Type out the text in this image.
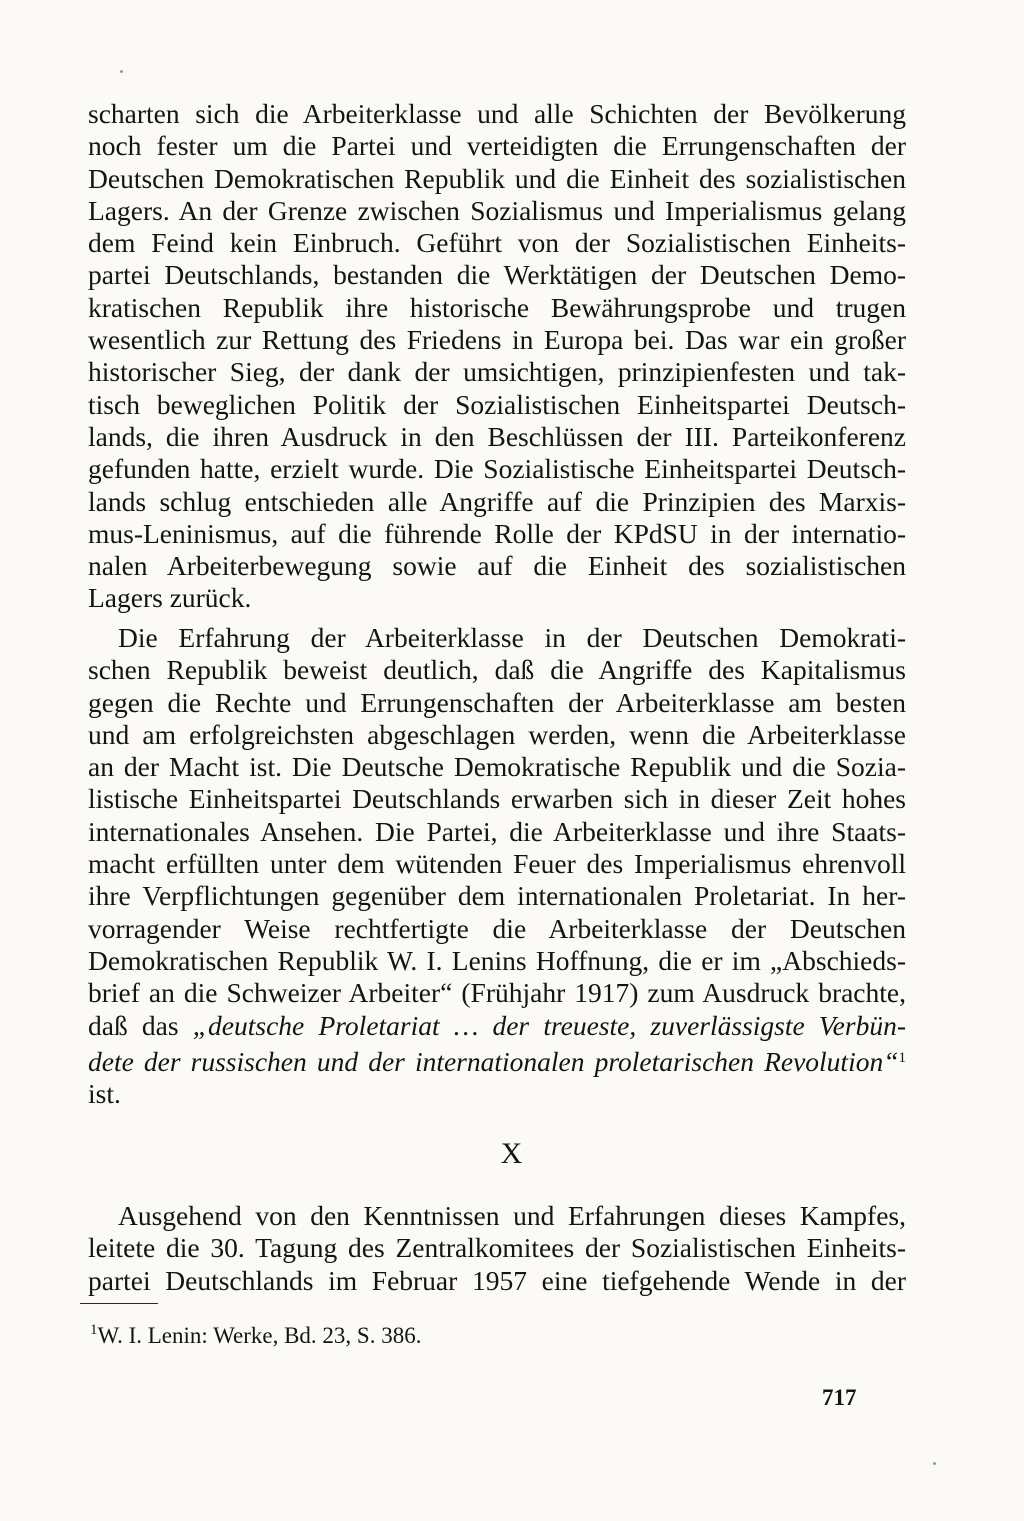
scharten sich die Arbeiterklasse und alle Schichten der Bevölkerung
noch fester um die Partei und verteidigten die Errungenschaften der
Deutschen Demokratischen Republik und die Einheit des sozialistischen
Lagers. An der Grenze zwischen Sozialismus und Imperialismus gelang
dem Feind kein Einbruch. Geführt von der Sozialistischen Einheits-
partei Deutschlands, bestanden die Werktätigen der Deutschen Demo-
kratischen Republik ihre historische Bewährungsprobe und trugen
wesentlich zur Rettung des Friedens in Europa bei. Das war ein großer
historischer Sieg, der dank der umsichtigen, prinzipienfesten und tak-
tisch beweglichen Politik der Sozialistischen Einheitspartei Deutsch-
lands, die ihren Ausdruck in den Beschlüssen der III. Parteikonferenz
gefunden hatte, erzielt wurde. Die Sozialistische Einheitspartei Deutsch-
lands schlug entschieden alle Angriffe auf die Prinzipien des Marxis-
mus-Leninismus, auf die führende Rolle der KPdSU in der internatio-
nalen Arbeiterbewegung sowie auf die Einheit des sozialistischen
Lagers zurück.
Die Erfahrung der Arbeiterklasse in der Deutschen Demokrati-
schen Republik beweist deutlich, daß die Angriffe des Kapitalismus
gegen die Rechte und Errungenschaften der Arbeiterklasse am besten
und am erfolgreichsten abgeschlagen werden, wenn die Arbeiterklasse
an der Macht ist. Die Deutsche Demokratische Republik und die Sozia-
listische Einheitspartei Deutschlands erwarben sich in dieser Zeit hohes
internationales Ansehen. Die Partei, die Arbeiterklasse und ihre Staats-
macht erfüllten unter dem wütenden Feuer des Imperialismus ehrenvoll
ihre Verpflichtungen gegenüber dem internationalen Proletariat. In her-
vorragender Weise rechtfertigte die Arbeiterklasse der Deutschen
Demokratischen Republik W. I. Lenins Hoffnung, die er im „Abschieds-
brief an die Schweizer Arbeiter“ (Frühjahr 1917) zum Ausdruck brachte,
daß das „deutsche Proletariat … der treueste, zuverlässigste Verbün-
dete der russischen und der internationalen proletarischen Revolution“$^1$
ist.
X
Ausgehend von den Kenntnissen und Erfahrungen dieses Kampfes,
leitete die 30. Tagung des Zentralkomitees der Sozialistischen Einheits-
partei Deutschlands im Februar 1957 eine tiefgehende Wende in der
$^1$W. I. Lenin: Werke, Bd. 23, S. 386.
717
